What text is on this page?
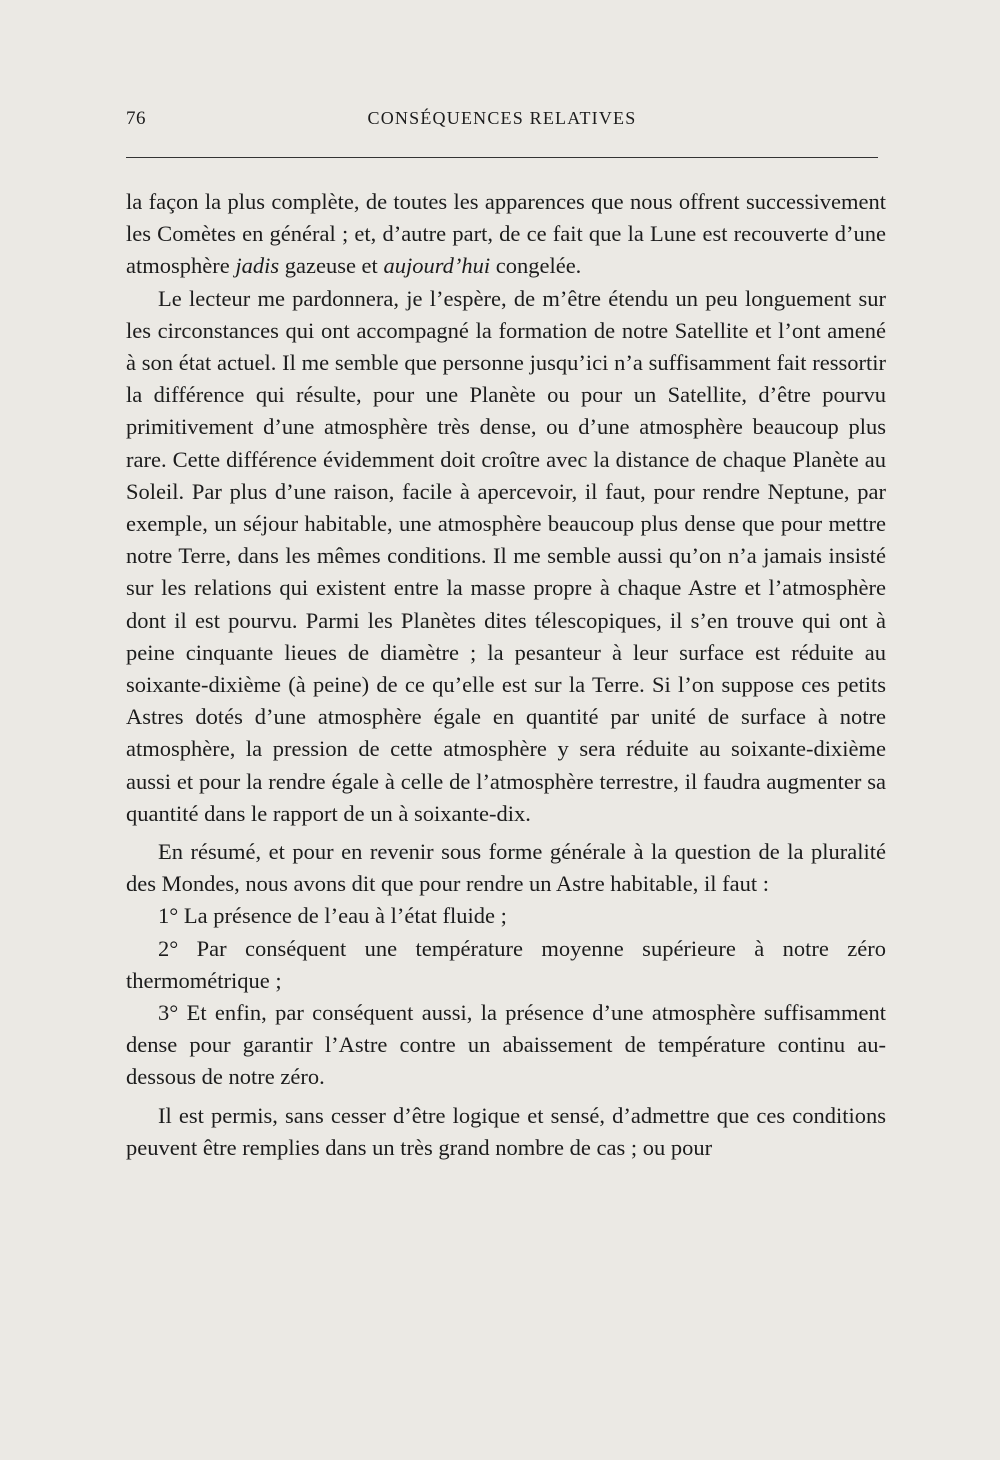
76	CONSÉQUENCES RELATIVES

la façon la plus complète, de toutes les apparences que nous offrent successivement les Comètes en général ; et, d’autre part, de ce fait que la Lune est recouverte d’une atmosphère jadis gazeuse et aujourd’hui congelée.

Le lecteur me pardonnera, je l’espère, de m’être étendu un peu longuement sur les circonstances qui ont accompagné la formation de notre Satellite et l’ont amené à son état actuel. Il me semble que personne jusqu’ici n’a suffisamment fait ressortir la différence qui résulte, pour une Planète ou pour un Satellite, d’être pourvu primitivement d’une atmosphère très dense, ou d’une atmosphère beaucoup plus rare. Cette différence évidemment doit croître avec la distance de chaque Planète au Soleil. Par plus d’une raison, facile à apercevoir, il faut, pour rendre Neptune, par exemple, un séjour habitable, une atmosphère beaucoup plus dense que pour mettre notre Terre, dans les mêmes conditions. Il me semble aussi qu’on n’a jamais insisté sur les relations qui existent entre la masse propre à chaque Astre et l’atmosphère dont il est pourvu. Parmi les Planètes dites télescopiques, il s’en trouve qui ont à peine cinquante lieues de diamètre ; la pesanteur à leur surface est réduite au soixante-dixième (à peine) de ce qu’elle est sur la Terre. Si l’on suppose ces petits Astres dotés d’une atmosphère égale en quantité par unité de surface à notre atmosphère, la pression de cette atmosphère y sera réduite au soixante-dixième aussi et pour la rendre égale à celle de l’atmosphère terrestre, il faudra augmenter sa quantité dans le rapport de un à soixante-dix.

En résumé, et pour en revenir sous forme générale à la question de la pluralité des Mondes, nous avons dit que pour rendre un Astre habitable, il faut :

1° La présence de l’eau à l’état fluide ;

2° Par conséquent une température moyenne supérieure à notre zéro thermométrique ;

3° Et enfin, par conséquent aussi, la présence d’une atmosphère suffisamment dense pour garantir l’Astre contre un abaissement de température continu au-dessous de notre zéro.

Il est permis, sans cesser d’être logique et sensé, d’admettre que ces conditions peuvent être remplies dans un très grand nombre de cas ; ou pour
